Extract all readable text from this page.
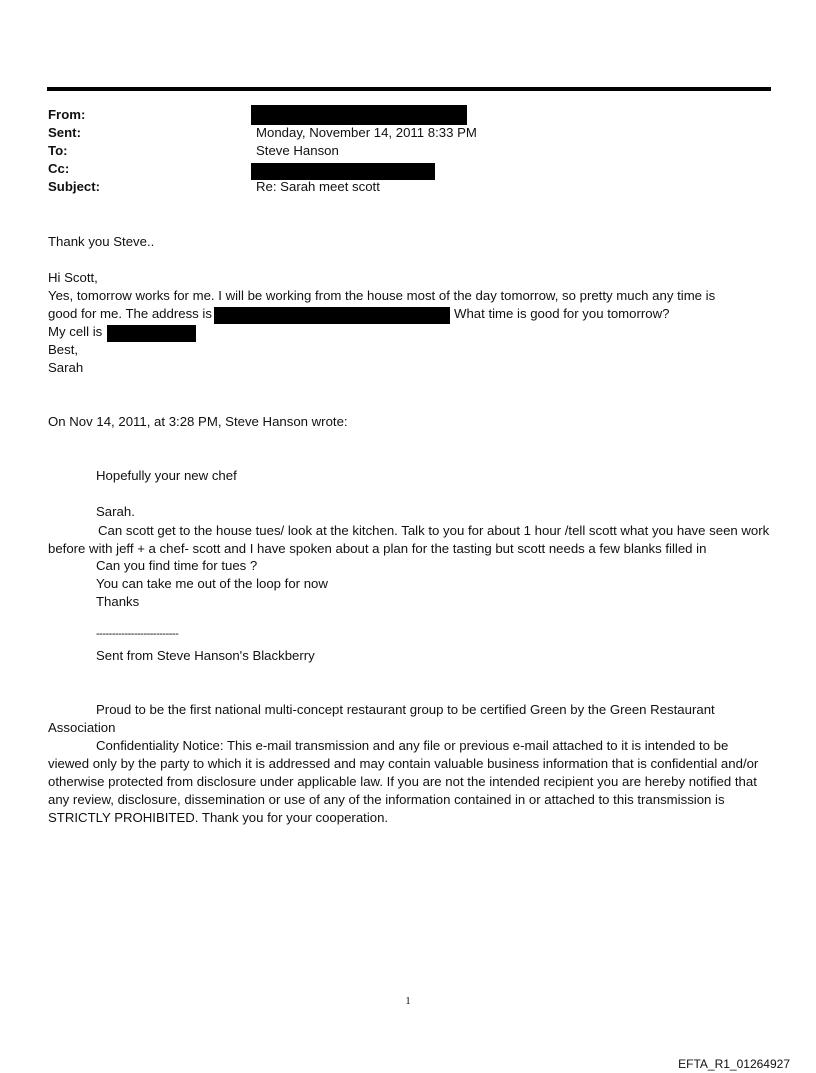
From:
Sent:	Monday, November 14, 2011 8:33 PM
To:	Steve Hanson
Cc:
Subject:	Re: Sarah meet scott
Thank you Steve..
Hi Scott,
Yes, tomorrow works for me. I will be working from the house most of the day tomorrow, so pretty much any time is
good for me. The address is	What time is good for you tomorrow?
My cell is
Best,
Sarah
On Nov 14, 2011, at 3:28 PM, Steve Hanson wrote:
Hopefully your new chef
Sarah.
Can scott get to the house tues/ look at the kitchen. Talk to you for about 1 hour /tell scott what you have seen work before with jeff + a chef- scott and I have spoken about a plan for the tasting but scott needs a few blanks filled in
Can you find time for tues ?
You can take me out of the loop for now
Thanks
--------------------------
Sent from Steve Hanson's Blackberry
Proud to be the first national multi-concept restaurant group to be certified Green by the Green Restaurant Association
Confidentiality Notice: This e-mail transmission and any file or previous e-mail attached to it is intended to be viewed only by the party to which it is addressed and may contain valuable business information that is confidential and/or otherwise protected from disclosure under applicable law. If you are not the intended recipient you are hereby notified that any review, disclosure, dissemination or use of any of the information contained in or attached to this transmission is STRICTLY PROHIBITED. Thank you for your cooperation.
1
EFTA_R1_01264927
